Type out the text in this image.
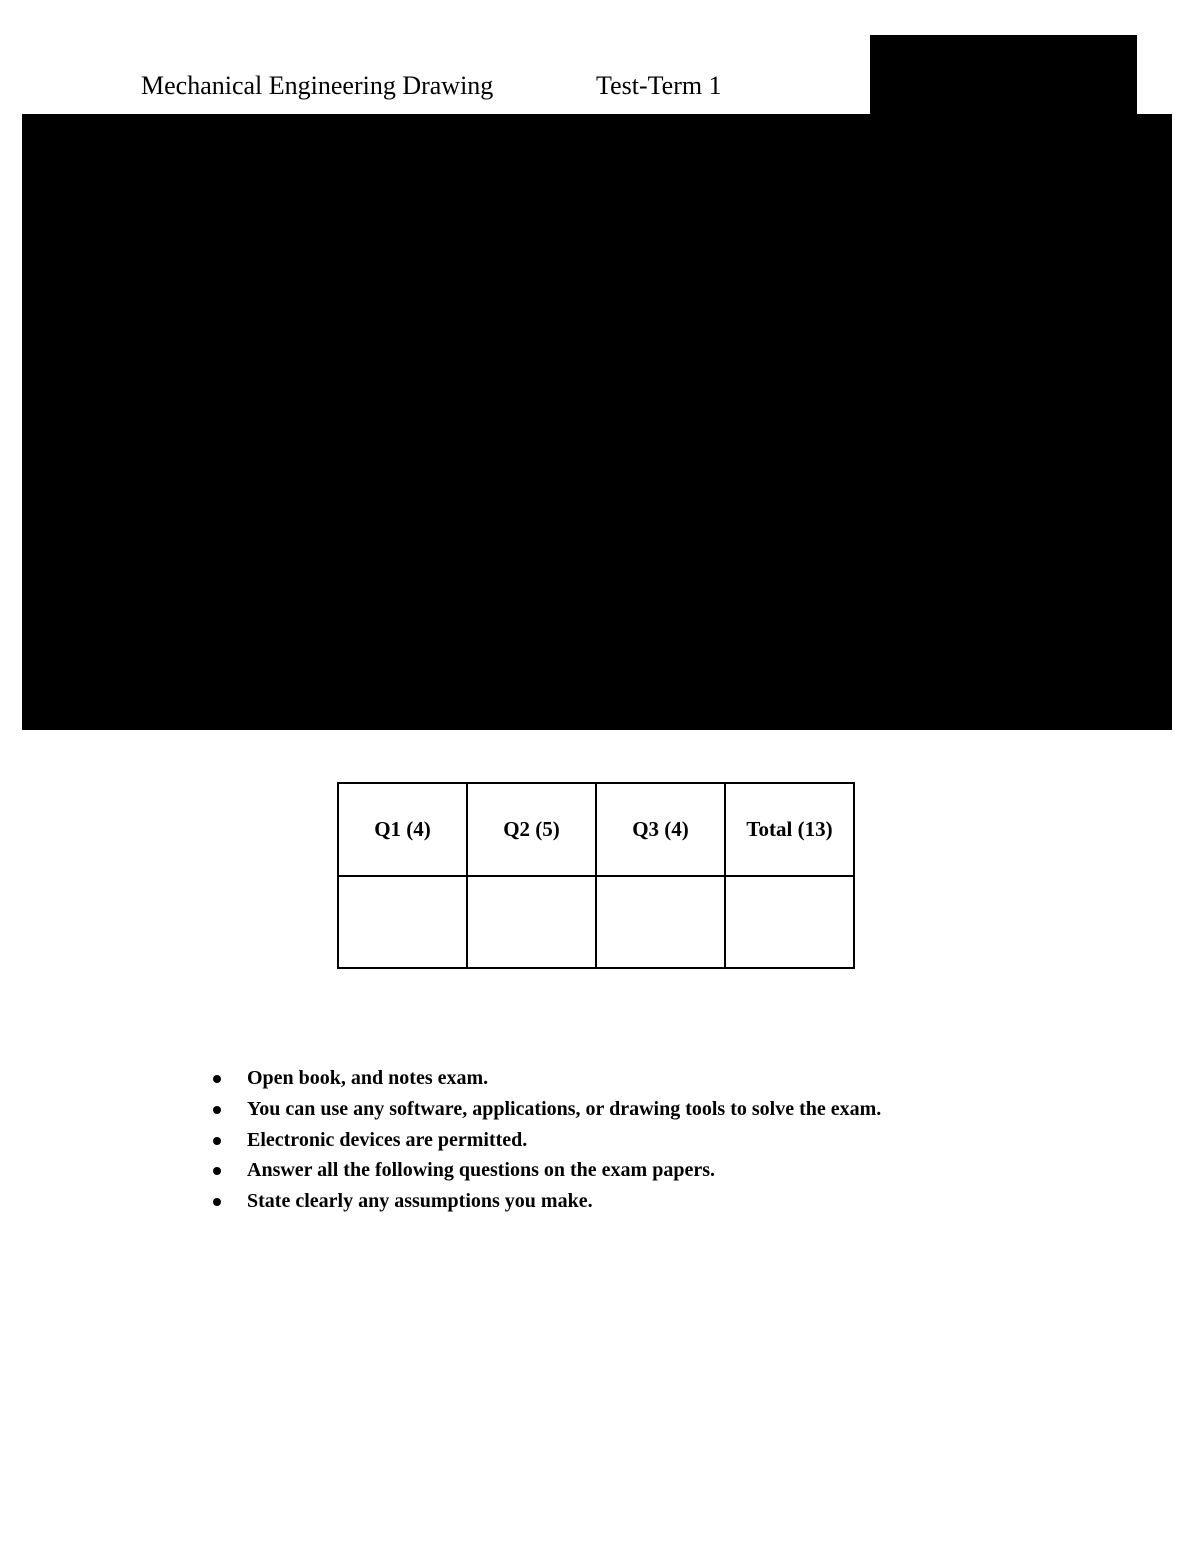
Mechanical Engineering Drawing	Test-Term 1
Q1 (4)	Q2 (5)	Q3 (4)	Total (13)

Open book, and notes exam.
You can use any software, applications, or drawing tools to solve the exam.
Electronic devices are permitted.
Answer all the following questions on the exam papers.
State clearly any assumptions you make.
